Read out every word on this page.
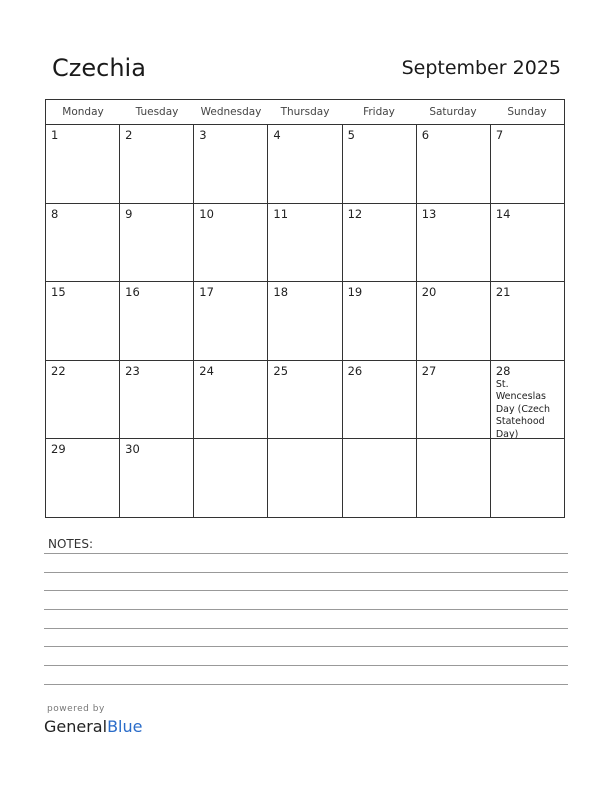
Czechia	September 2025
Monday	Tuesday	Wednesday	Thursday	Friday	Saturday	Sunday
1	2	3	4	5	6	7
8	9	10	11	12	13	14
15	16	17	18	19	20	21
22	23	24	25	26	27	28
St. Wenceslas Day (Czech Statehood Day)
29	30
NOTES:
powered by
GeneralBlue
